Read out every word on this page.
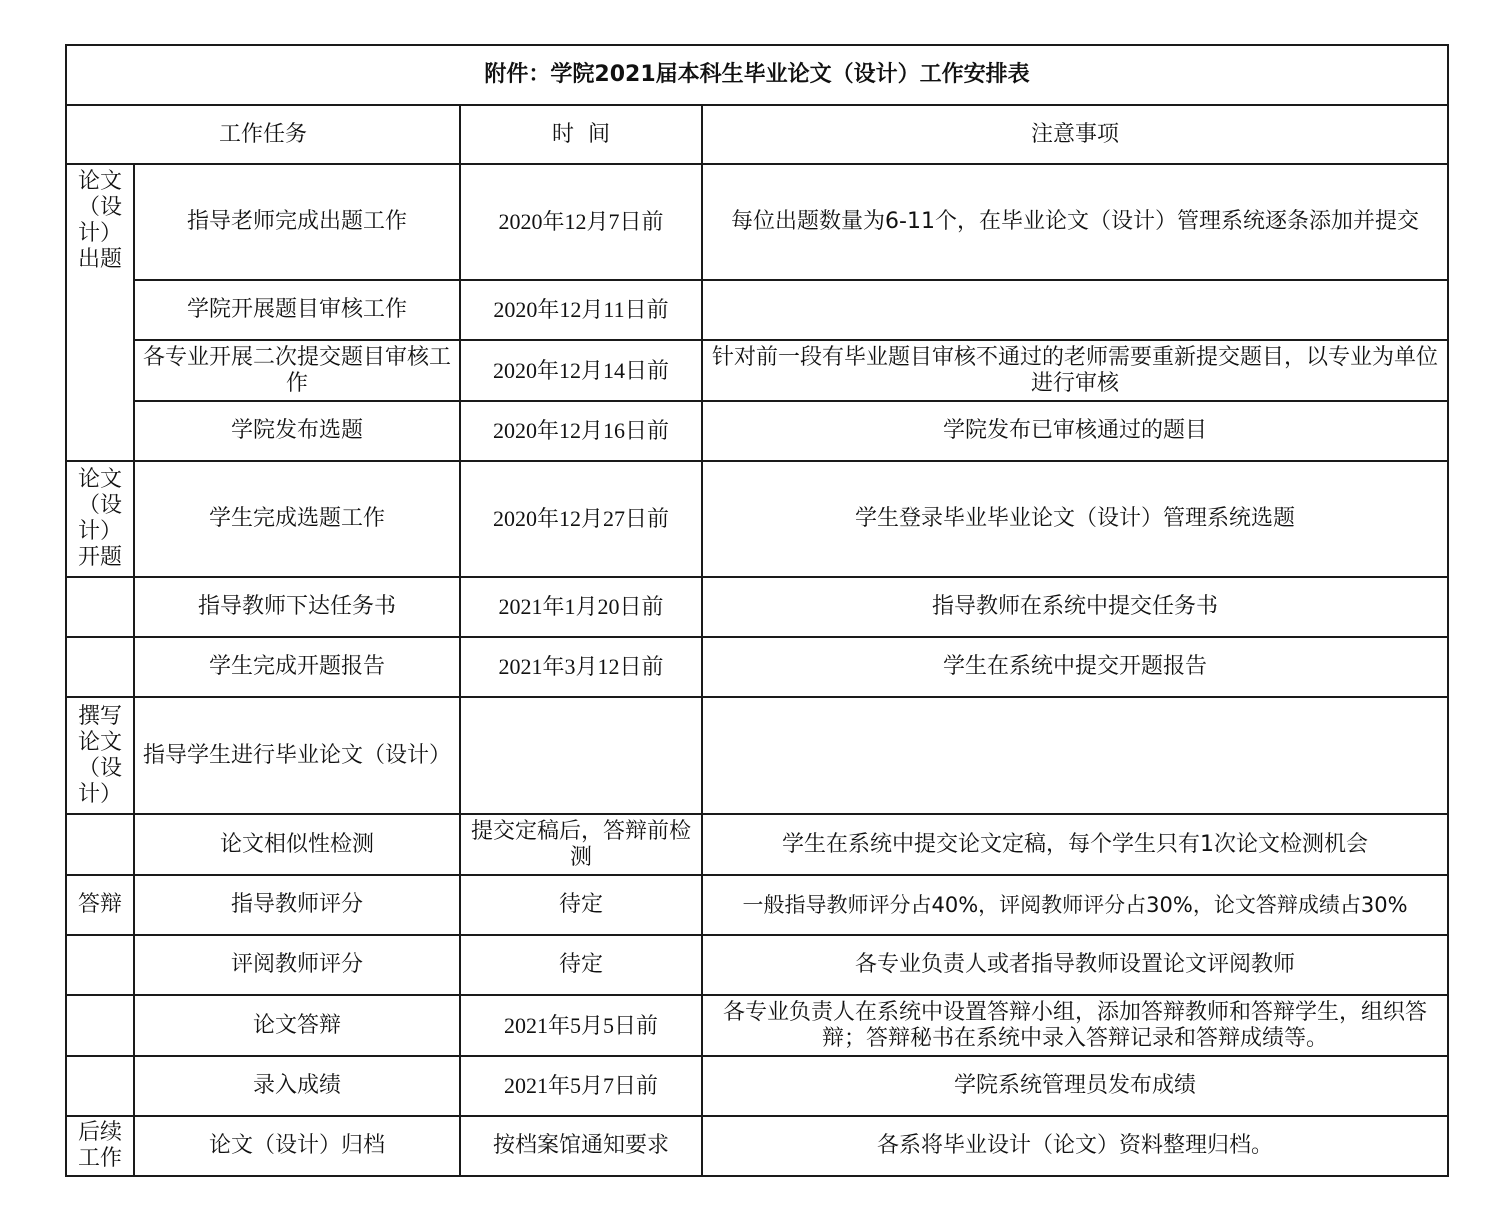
附件：学院2021届本科生毕业论文（设计）工作安排表			
工作任务		时  间	注意事项
论文（设计）出题	指导老师完成出题工作	2020年12月7日前	每位出题数量为6-11个，在毕业论文（设计）管理系统逐条添加并提交
	学院开展题目审核工作	2020年12月11日前	
	各专业开展二次提交题目审核工作	2020年12月14日前	针对前一段有毕业题目审核不通过的老师需要重新提交题目，以专业为单位进行审核
	学院发布选题	2020年12月16日前	学院发布已审核通过的题目
论文（设计）开题	学生完成选题工作	2020年12月27日前	学生登录毕业毕业论文（设计）管理系统选题
	指导教师下达任务书	2021年1月20日前	指导教师在系统中提交任务书
	学生完成开题报告	2021年3月12日前	学生在系统中提交开题报告
撰写论文（设计）	指导学生进行毕业论文（设计）		
	论文相似性检测	提交定稿后，答辩前检测	学生在系统中提交论文定稿，每个学生只有1次论文检测机会
答辩	指导教师评分	待定	一般指导教师评分占40%，评阅教师评分占30%，论文答辩成绩占30%
	评阅教师评分	待定	各专业负责人或者指导教师设置论文评阅教师
	论文答辩	2021年5月5日前	各专业负责人在系统中设置答辩小组，添加答辩教师和答辩学生，组织答辩；答辩秘书在系统中录入答辩记录和答辩成绩等。
	录入成绩	2021年5月7日前	学院系统管理员发布成绩
后续工作	论文（设计）归档	按档案馆通知要求	各系将毕业设计（论文）资料整理归档。
